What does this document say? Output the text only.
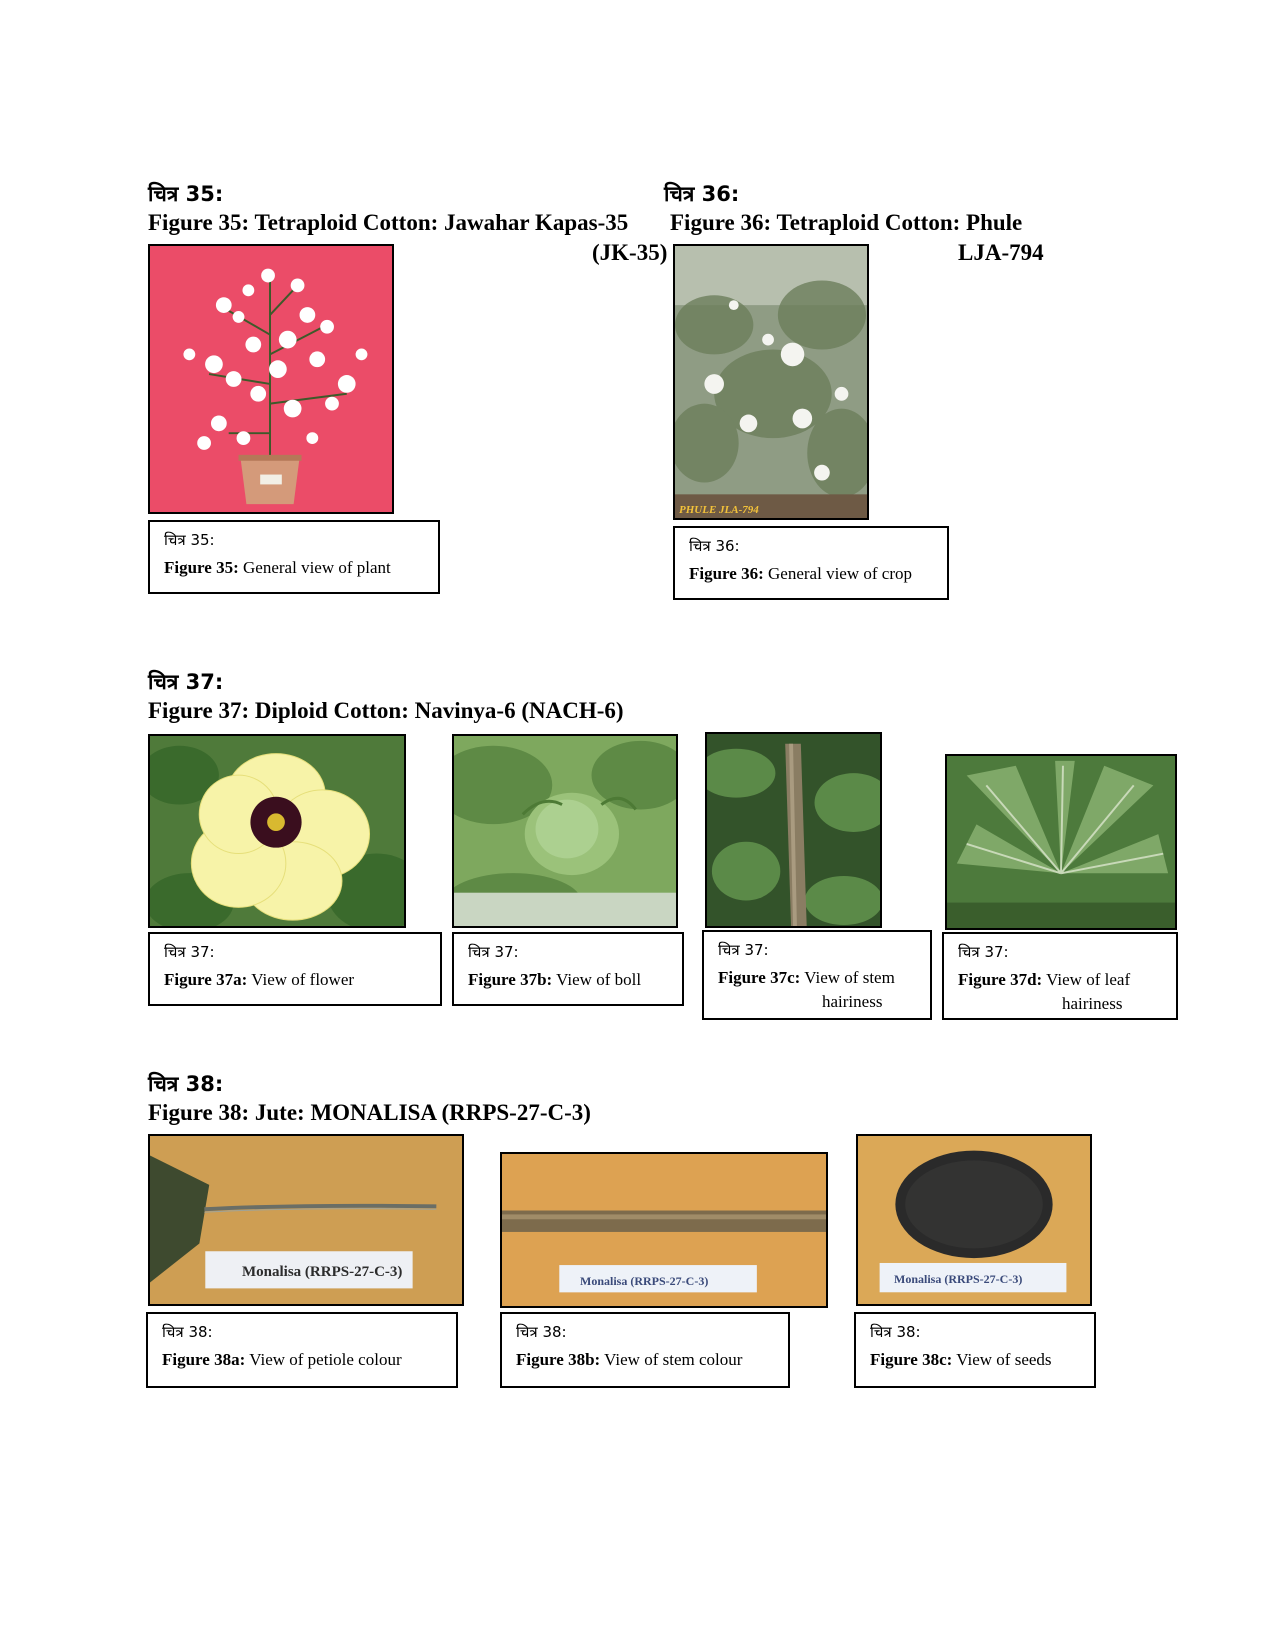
चित्र 35:
Figure 35: Tetraploid Cotton: Jawahar Kapas-35
(JK-35)
चित्र 36:
Figure 36: Tetraploid Cotton: Phule
LJA-794
PHULE JLA-794
चित्र 35:
Figure 35: General view of plant
चित्र 36:
Figure 36: General view of crop
चित्र 37:
Figure 37: Diploid Cotton: Navinya-6 (NACH-6)
चित्र 37:
Figure 37a: View of flower
चित्र 37:
Figure 37b: View of boll
चित्र 37:
Figure 37c: View of stem
hairiness
चित्र 37:
Figure 37d: View of leaf
hairiness
चित्र 38:
Figure 38: Jute: MONALISA (RRPS-27-C-3)
Monalisa (RRPS-27-C-3)
Monalisa (RRPS-27-C-3)	Monalisa (RRPS-27-C-3)
चित्र 38:
Figure 38a: View of petiole colour
चित्र 38:
Figure 38b: View of stem colour
चित्र 38:
Figure 38c: View of seeds
